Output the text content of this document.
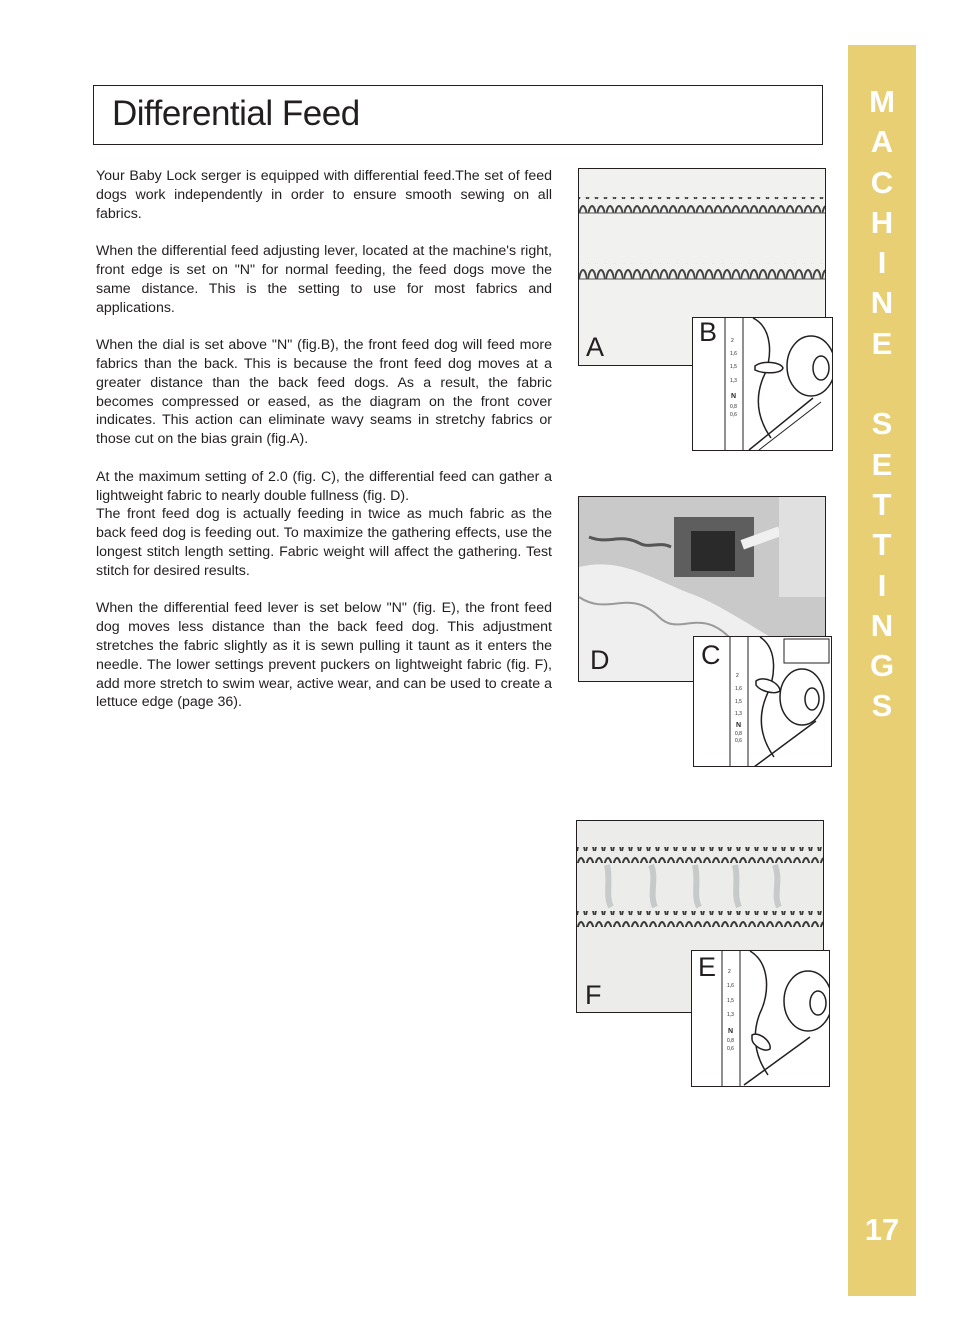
Differential Feed

Your Baby Lock serger is equipped with differential feed.The set of feed dogs work independently in order to ensure smooth sewing on all fabrics.

When the differential feed adjusting lever, located at the machine's right, front edge is set on "N" for normal feeding, the feed dogs move the same distance. This is the setting to use for most fabrics and applications.

When the dial is set above "N" (fig.B), the front feed dog will feed more fabrics than the back. This is because the front feed dog moves at a greater distance than the back feed dogs. As a result, the fabric becomes compressed or eased, as the diagram on the front cover indicates. This action can eliminate wavy seams in stretchy fabrics or those cut on the bias grain (fig.A).

At the maximum setting of 2.0 (fig. C), the differential feed can gather a lightweight fabric to nearly double fullness (fig. D).

The front feed dog is actually feeding in twice as much fabric as the back feed dog is feeding out. To maximize the gathering effects, use the longest stitch length setting. Fabric weight will affect the gathering. Test stitch for desired results.

When the differential feed lever is set below "N" (fig. E), the front feed dog moves less distance than the back feed dog. This adjustment stretches the fabric slightly as it is sewn pulling it taunt as it enters the needle. The lower settings prevent puckers on lightweight fabric (fig. F), add more stretch to swim wear, active wear, and can be used to create a lettuce edge (page 36).

A	2
1,6
1,5
1,3
N
0,8
0,6
B
D
2
1,6
1,5
1,3
N
0,8
0,6
C
F
2
1,6
1,5
1,3
N
0,8
0,6
E
M
A
C
H
I
N
E
S
E
T
T
I
N
G
S
17
